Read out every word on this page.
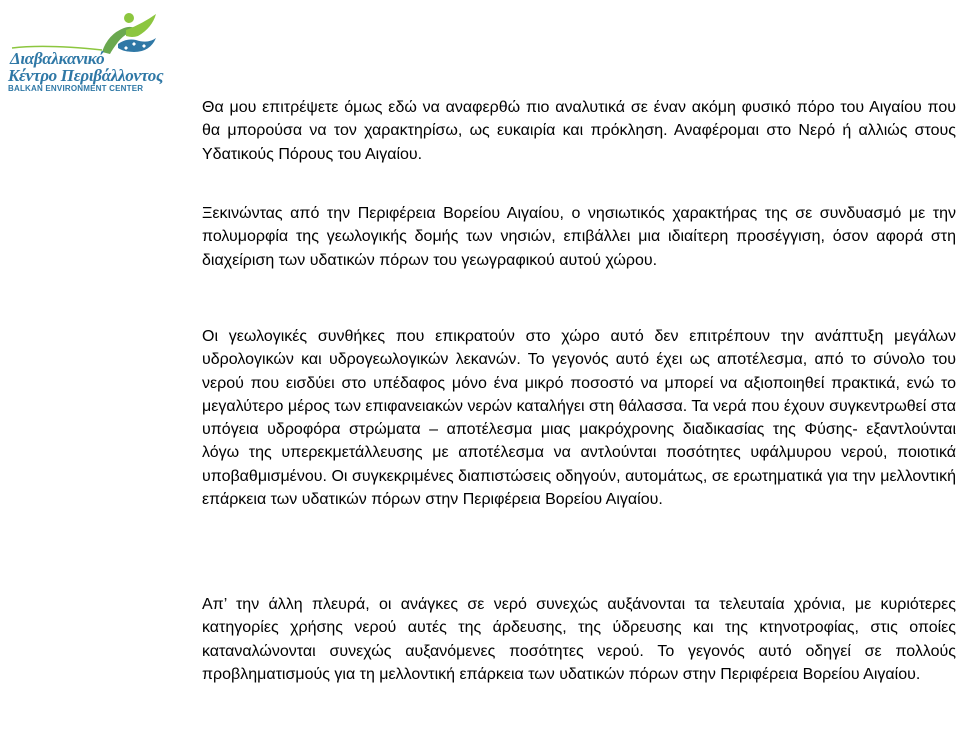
Διαβαλκανικό
Κέντρο Περιβάλλοντος
BALKAN ENVIRONMENT CENTER

Θα μου επιτρέψετε όμως εδώ να αναφερθώ πιο αναλυτικά σε έναν ακόμη φυσικό πόρο του Αιγαίου που θα μπορούσα να τον χαρακτηρίσω, ως ευκαιρία και πρόκληση. Αναφέρομαι στο Νερό ή αλλιώς στους Υδατικούς Πόρους του Αιγαίου.

Ξεκινώντας από την Περιφέρεια Βορείου Αιγαίου, ο νησιωτικός χαρακτήρας της σε συνδυασμό με την πολυμορφία της γεωλογικής δομής των νησιών, επιβάλλει μια ιδιαίτερη προσέγγιση, όσον αφορά στη διαχείριση των υδατικών πόρων του γεωγραφικού αυτού χώρου.

Οι γεωλογικές συνθήκες που επικρατούν στο χώρο αυτό δεν επιτρέπουν την ανάπτυξη μεγάλων υδρολογικών και υδρογεωλογικών λεκανών. Το γεγονός αυτό έχει ως αποτέλεσμα, από το σύνολο του νερού που εισδύει στο υπέδαφος μόνο ένα μικρό ποσοστό να μπορεί να αξιοποιηθεί πρακτικά, ενώ το μεγαλύτερο μέρος των επιφανειακών νερών καταλήγει στη θάλασσα. Τα νερά που έχουν συγκεντρωθεί στα υπόγεια υδροφόρα στρώματα – αποτέλεσμα μιας μακρόχρονης διαδικασίας της Φύσης- εξαντλούνται λόγω της υπερεκμετάλλευσης με αποτέλεσμα να αντλούνται ποσότητες υφάλμυρου νερού, ποιοτικά υποβαθμισμένου. Οι συγκεκριμένες διαπιστώσεις οδηγούν, αυτομάτως, σε ερωτηματικά για την μελλοντική επάρκεια των υδατικών πόρων στην Περιφέρεια Βορείου Αιγαίου.

Απ’ την άλλη πλευρά, οι ανάγκες σε νερό συνεχώς αυξάνονται τα τελευταία χρόνια, με κυριότερες κατηγορίες χρήσης νερού αυτές της άρδευσης, της ύδρευσης και της κτηνοτροφίας, στις οποίες καταναλώνονται συνεχώς αυξανόμενες ποσότητες νερού. Το γεγονός αυτό οδηγεί σε πολλούς προβληματισμούς για τη μελλοντική επάρκεια των υδατικών πόρων στην Περιφέρεια Βορείου Αιγαίου.
